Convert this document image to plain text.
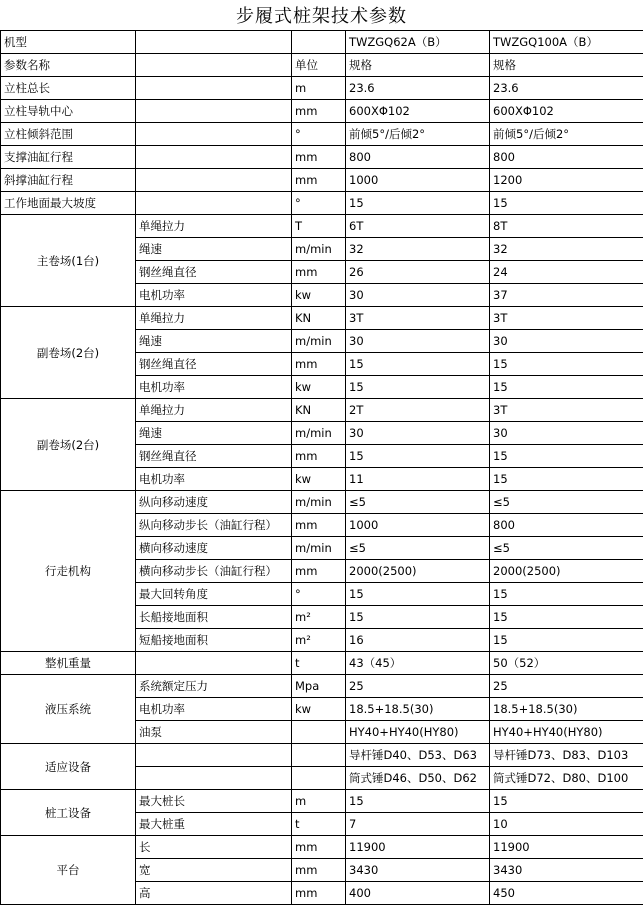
步履式桩架技术参数
机型			TWZGQ62A（B）	TWZGQ100A（B）
参数名称		单位	规格	规格
立柱总长		m	23.6	23.6
立柱导轨中心		mm	600XΦ102	600XΦ102
立柱倾斜范围		°	前倾5°/后倾2°	前倾5°/后倾2°
支撑油缸行程		mm	800	800
斜撑油缸行程		mm	1000	1200
工作地面最大坡度		°	15	15
主卷场(1台)	单绳拉力	T	6T	8T
	绳速	m/min	32	32
	钢丝绳直径	mm	26	24
	电机功率	kw	30	37
副卷场(2台)	单绳拉力	KN	3T	3T
	绳速	m/min	30	30
	钢丝绳直径	mm	15	15
	电机功率	kw	15	15
副卷场(2台)	单绳拉力	KN	2T	3T
	绳速	m/min	30	30
	钢丝绳直径	mm	15	15
	电机功率	kw	11	15
行走机构	纵向移动速度	m/min	≤5	≤5
	纵向移动步长（油缸行程）	mm	1000	800
	横向移动速度	m/min	≤5	≤5
	横向移动步长（油缸行程）	mm	2000(2500)	2000(2500)
	最大回转角度	°	15	15
	长船接地面积	m²	15	15
	短船接地面积	m²	16	15
整机重量		t	43（45）	50（52）
液压系统	系统额定压力	Mpa	25	25
	电机功率	kw	18.5+18.5(30)	18.5+18.5(30)
	油泵		HY40+HY40(HY80)	HY40+HY40(HY80)
适应设备			导杆锤D40、D53、D63	导杆锤D73、D83、D103
			筒式锤D46、D50、D62	筒式锤D72、D80、D100
桩工设备	最大桩长	m	15	15
	最大桩重	t	7	10
平台	长	mm	11900	11900
	宽	mm	3430	3430
	高	mm	400	450
